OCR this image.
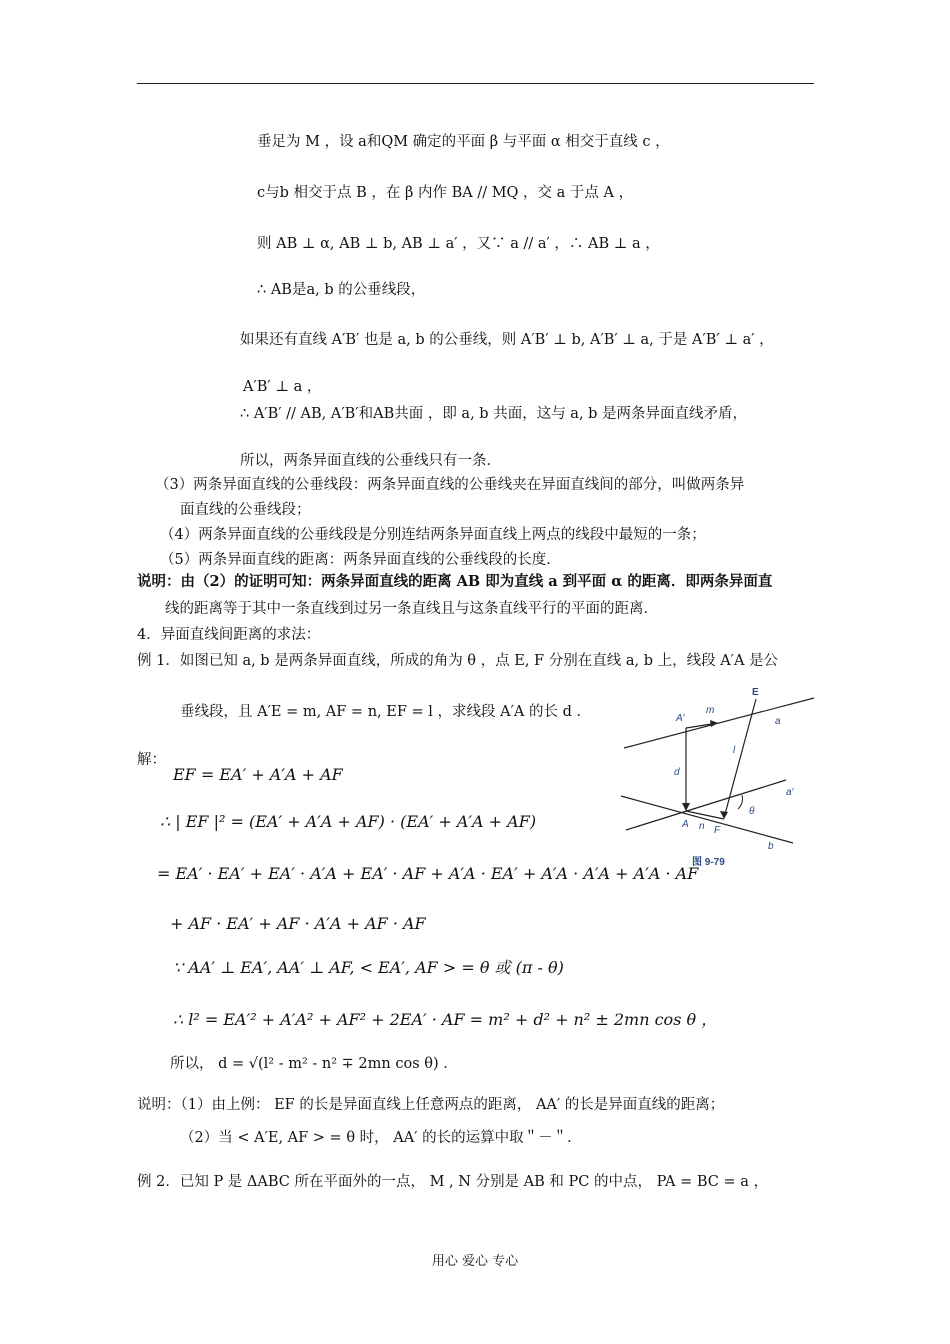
垂足为 M ，设 a和QM 确定的平面 β 与平面 α 相交于直线 c ，
c与b 相交于点 B ，在 β 内作 BA // MQ ，交 a 于点 A ，
则 AB ⊥ α, AB ⊥ b, AB ⊥ a′ ，又∵ a // a′ ，∴ AB ⊥ a ，
∴ AB是a, b 的公垂线段，
如果还有直线 A′B′ 也是 a, b 的公垂线，则 A′B′ ⊥ b, A′B′ ⊥ a, 于是 A′B′ ⊥ a′ ，
A′B′ ⊥ a ，
∴ A′B′ // AB, A′B′和AB共面 ，即 a, b 共面，这与 a, b 是两条异面直线矛盾，
所以，两条异面直线的公垂线只有一条．
（3）两条异面直线的公垂线段：两条异面直线的公垂线夹在异面直线间的部分，叫做两条异
面直线的公垂线段；
（4）两条异面直线的公垂线段是分别连结两条异面直线上两点的线段中最短的一条；
（5）两条异面直线的距离：两条异面直线的公垂线段的长度．
说明：由（2）的证明可知：两条异面直线的距离 AB 即为直线 a 到平面 α 的距离．即两条异面直
线的距离等于其中一条直线到过另一条直线且与这条直线平行的平面的距离．
4．异面直线间距离的求法：
例 1．如图已知 a, b 是两条异面直线，所成的角为 θ ，点 E, F 分别在直线 a, b 上，线段 A′A 是公
垂线段，且 A′E = m, AF = n, EF = l ，求线段 A′A 的长 d ．
解：
EF = EA′ + A′A + AF
∴ | EF |² = (EA′ + A′A + AF) · (EA′ + A′A + AF)
= EA′ · EA′ + EA′ · A′A + EA′ · AF + A′A · EA′ + A′A · A′A + A′A · AF
+ AF · EA′ + AF · A′A + AF · AF
∵ AA′ ⊥ EA′, AA′ ⊥ AF, < EA′, AF > = θ 或 (π - θ)
∴ l² = EA′² + A′A² + AF² + 2EA′ · AF = m² + d² + n² ± 2mn cos θ ，
所以， d = √(l² - m² - n² ∓ 2mn cos θ) ．
说明：（1）由上例： EF 的长是异面直线上任意两点的距离， AA′ 的长是异面直线的距离；
（2）当 < A′E, AF > = θ 时， AA′ 的长的运算中取＂－＂．
例 2．已知 P 是 ΔABC 所在平面外的一点， M , N 分别是 AB 和 PC 的中点， PA = BC = a ，
E
A′
m
a
l
d
a′
θ
A n F
b
图 9-79
用心 爱心 专心
